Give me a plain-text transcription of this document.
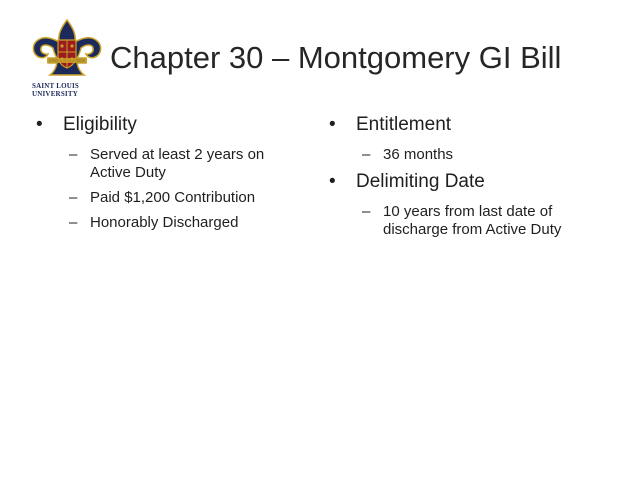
SAINT LOUIS
UNIVERSITY
Chapter 30 – Montgomery GI Bill
• Eligibility
– Served at least 2 years on Active Duty
– Paid $1,200 Contribution
– Honorably Discharged
• Entitlement
– 36 months
• Delimiting Date
– 10 years from last date of discharge from Active Duty
